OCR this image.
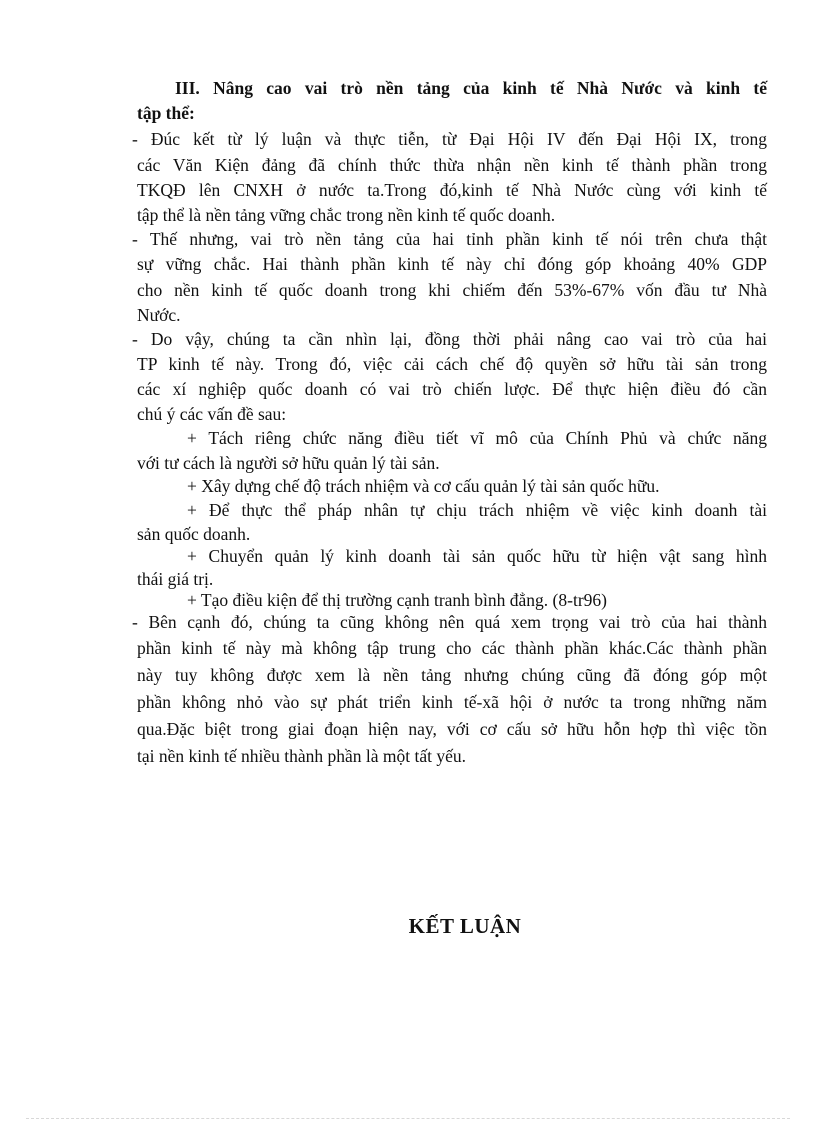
III. Nâng cao vai trò nền tảng của kinh tế Nhà Nước và kinh tế
tập thể:
- Đúc kết từ lý luận và thực tiễn, từ Đại Hội IV đến Đại Hội IX, trong
các Văn Kiện đảng đã chính thức thừa nhận nền kinh tế thành phần trong
TKQĐ lên CNXH ở nước ta.Trong đó,kinh tế Nhà Nước cùng với kinh tế
tập thể là nền tảng vững chắc trong nền kinh tế quốc doanh.
- Thế nhưng, vai trò nền tảng của hai tỉnh phần kinh tế nói trên chưa thật
sự vững chắc. Hai thành phần kinh tế này chỉ đóng góp khoảng 40% GDP
cho nền kinh tế quốc doanh trong khi chiếm đến 53%-67% vốn đầu tư Nhà
Nước.
- Do vậy, chúng ta cần nhìn lại, đồng thời phải nâng cao vai trò của hai
TP kinh tế này. Trong đó, việc cải cách chế độ quyền sở hữu tài sản trong
các xí nghiệp quốc doanh có vai trò chiến lược. Để thực hiện điều đó cần
chú ý các vấn đề sau:
+ Tách riêng chức năng điều tiết vĩ mô của Chính Phủ và chức năng
với tư cách là người sở hữu quản lý tài sản.
+ Xây dựng chế độ trách nhiệm và cơ cấu quản lý tài sản quốc hữu.
+ Để thực thể pháp nhân tự chịu trách nhiệm về việc kinh doanh tài
sản quốc doanh.
+ Chuyển quản lý kinh doanh tài sản quốc hữu từ hiện vật sang hình
thái giá trị.
+ Tạo điều kiện để thị trường cạnh tranh bình đẳng. (8-tr96)
- Bên cạnh đó, chúng ta cũng không nên quá xem trọng vai trò của hai thành
phần kinh tế này mà không tập trung cho các thành phần khác.Các thành phần
này tuy không được xem là nền tảng nhưng chúng cũng đã đóng góp một
phần không nhỏ vào sự phát triển kinh tế-xã hội ở nước ta trong những năm
qua.Đặc biệt trong giai đoạn hiện nay, với cơ cấu sở hữu hỗn hợp thì việc tồn
tại nền kinh tế nhiều thành phần là một tất yếu.
KẾT LUẬN
